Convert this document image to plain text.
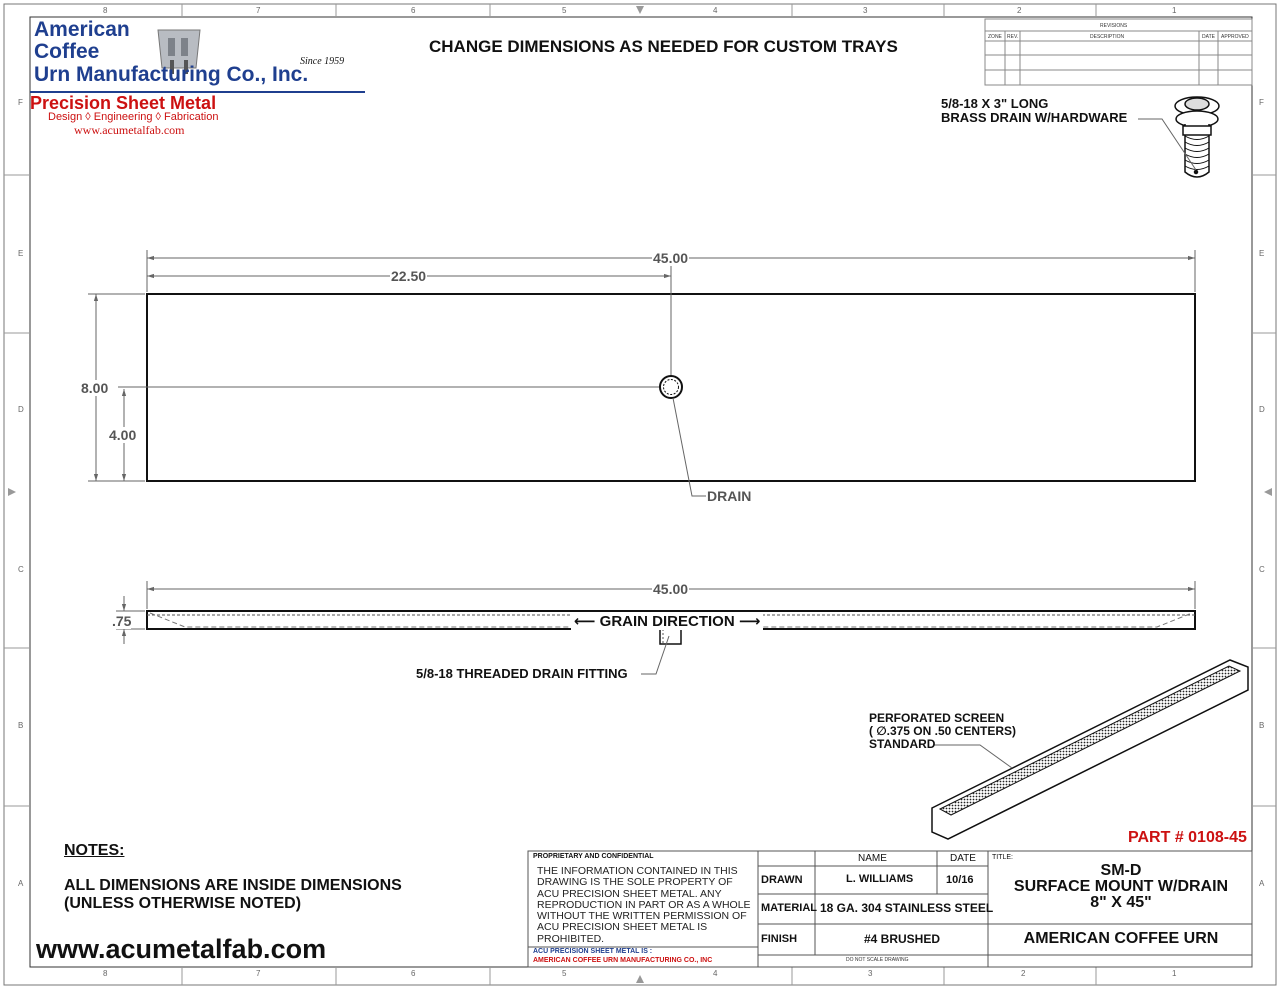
8	7	6	5	4	3	2	1
8	7	6	5	4	3	2	1
F	F
E	E
D	D
C	C
B	B
A	A
American
Coffee
Urn Manufacturing Co., Inc.
Since 1959
Precision Sheet Metal
Design ◊ Engineering ◊ Fabrication
www.acumetalfab.com
CHANGE DIMENSIONS AS NEEDED FOR CUSTOM TRAYS
REVISIONS
ZONE REV.	DESCRIPTION	DATE APPROVED
5/8-18 X 3" LONG
BRASS DRAIN W/HARDWARE
45.00
22.50
8.00
4.00
DRAIN
45.00
.75	⟵ GRAIN DIRECTION ⟶
5/8-18 THREADED DRAIN FITTING
PERFORATED SCREEN
( ∅.375 ON .50 CENTERS)
STANDARD
PART # 0108-45
NOTES:
ALL DIMENSIONS ARE INSIDE DIMENSIONS
(UNLESS OTHERWISE NOTED)
www.acumetalfab.com
PROPRIETARY AND CONFIDENTIAL
THE INFORMATION CONTAINED IN THIS
DRAWING IS THE SOLE PROPERTY OF
ACU PRECISION SHEET METAL. ANY
REPRODUCTION IN PART OR AS A WHOLE
WITHOUT THE WRITTEN PERMISSION OF
ACU PRECISION SHEET METAL IS
PROHIBITED.
ACU PRECISION SHEET METAL IS :
AMERICAN COFFEE URN MANUFACTURING CO., INC
NAME	DATE
DRAWN	L. WILLIAMS	10/16
MATERIAL 18 GA. 304 STAINLESS STEEL
FINISH	#4 BRUSHED
DO NOT SCALE DRAWING
TITLE:
SM-D
SURFACE MOUNT W/DRAIN
8" X 45"
AMERICAN COFFEE URN
